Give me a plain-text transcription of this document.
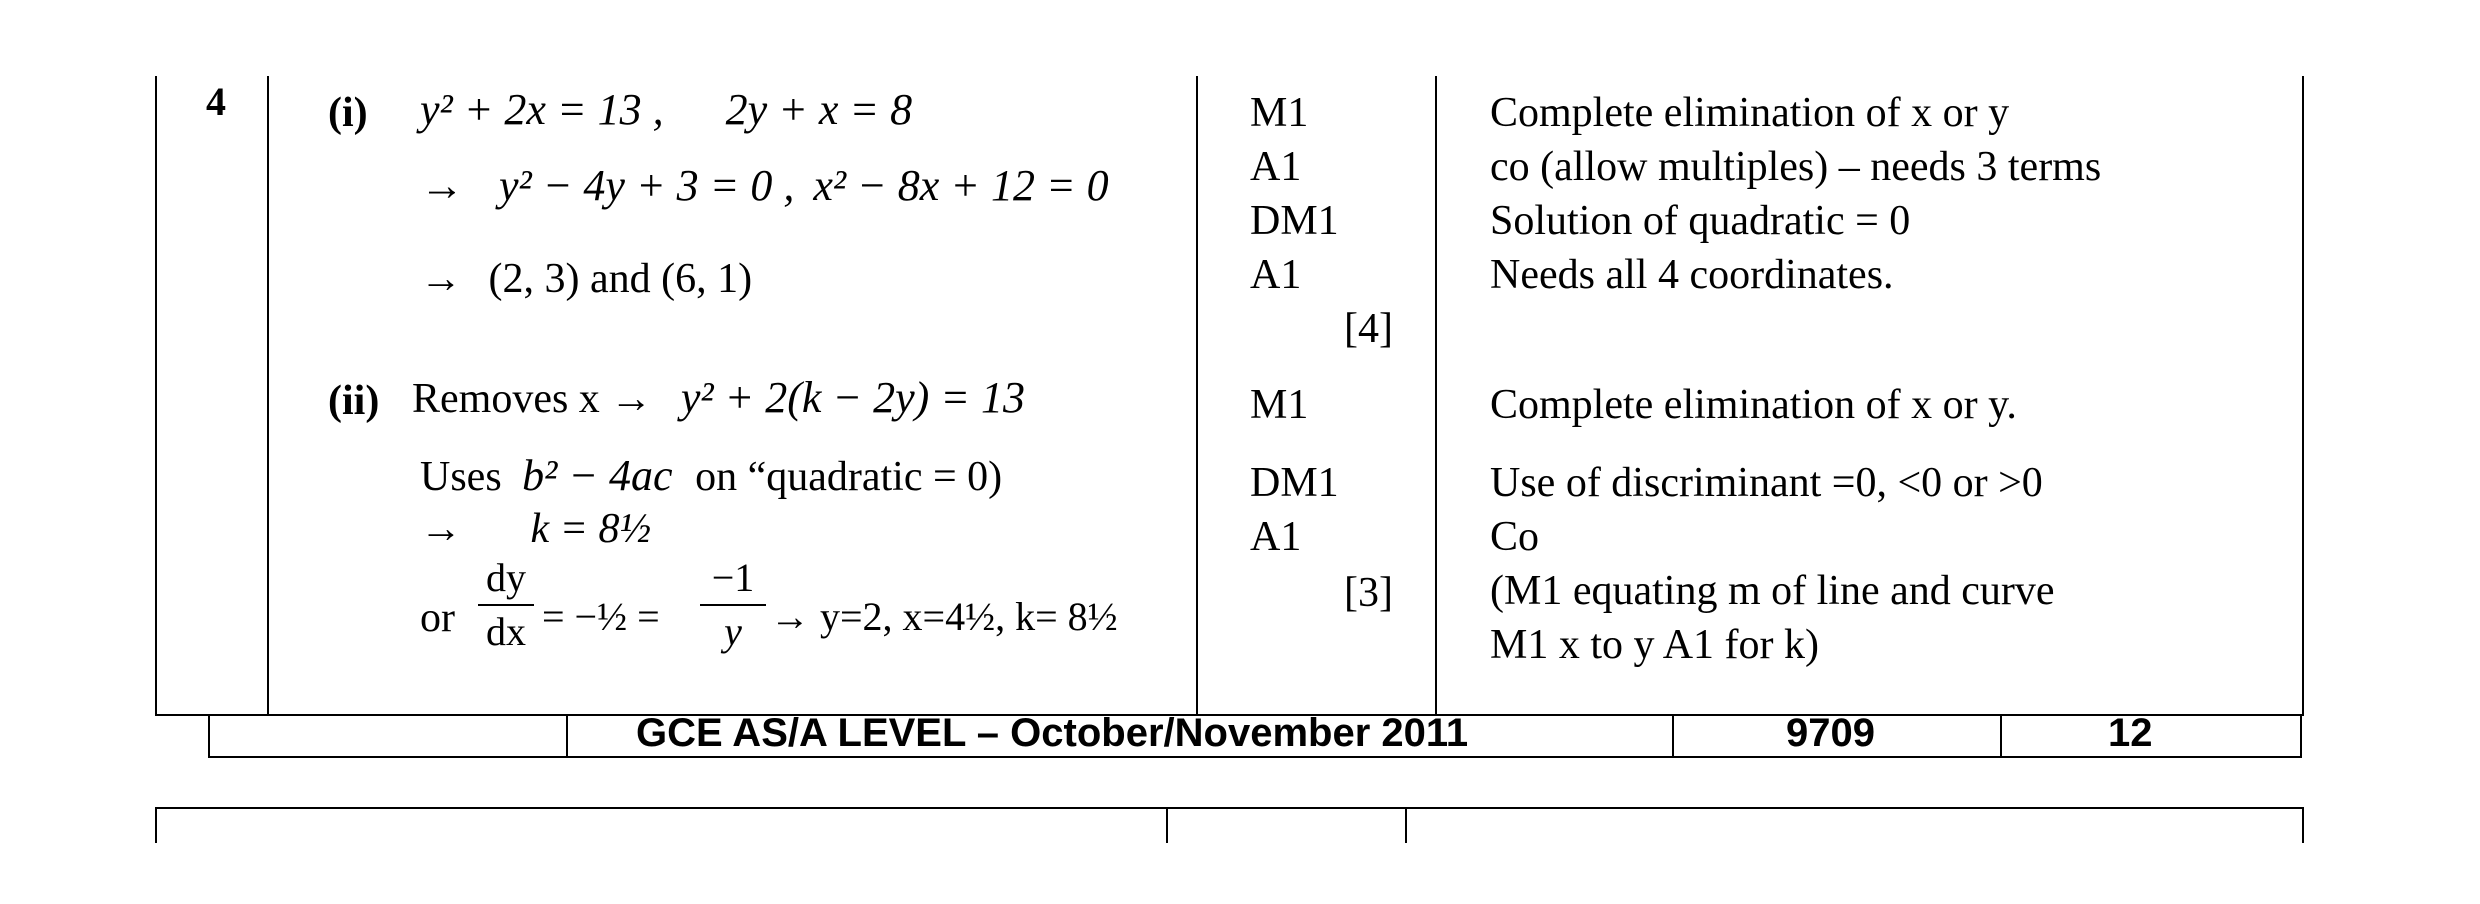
4 (i) y² + 2x = 13 , 2y + x = 8
→ y² − 4y + 3 = 0 , x² − 8x + 12 = 0
→ (2, 3) and (6, 1)
(ii) Removes x → y² + 2(k − 2y) = 13
Uses b² − 4ac on “quadratic = 0)
→ k = 8½
or
dy
dx = −½ =
−1
y → y=2, x=4½, k= 8½
M1
A1
DM1
A1
[4]
M1
DM1
A1
[3]
Complete elimination of x or y
co (allow multiples) – needs 3 terms
Solution of quadratic = 0
Needs all 4 coordinates.
Complete elimination of x or y.
Use of discriminant =0, <0 or >0
Co
(M1 equating m of line and curve
M1 x to y A1 for k)
GCE AS/A LEVEL – October/November 2011	9709	12
